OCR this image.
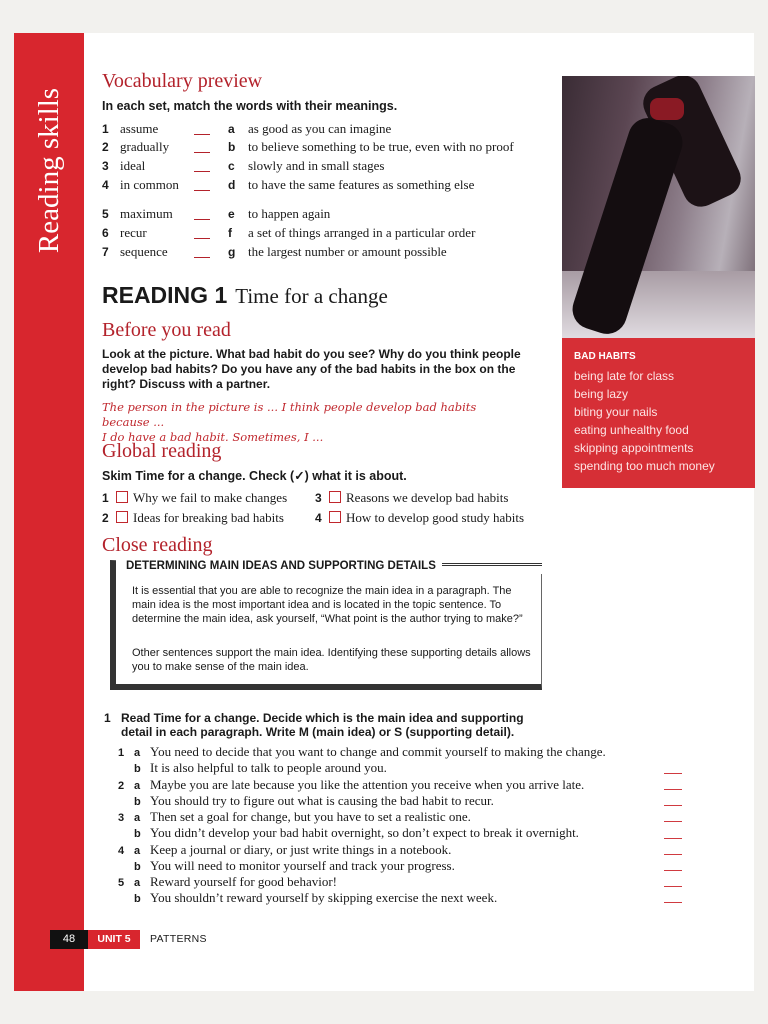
Reading skills
Vocabulary preview
In each set, match the words with their meanings.
1 assume	a as good as you can imagine
2 gradually	b to believe something to be true, even with no proof
3 ideal	c slowly and in small stages
4 in common	d to have the same features as something else
5 maximum	e to happen again
6 recur	f a set of things arranged in a particular order
7 sequence	g the largest number or amount possible
BAD HABITS
being late for class
being lazy
biting your nails
eating unhealthy food
skipping appointments
spending too much money
READING 1 Time for a change
Before you read
Look at the picture. What bad habit do you see? Why do you think people develop bad habits? Do you have any of the bad habits in the box on the right? Discuss with a partner.
The person in the picture is ... I think people develop bad habits because ...
I do have a bad habit. Sometimes, I ...
Global reading
Skim Time for a change. Check (✓) what it is about.
1 Why we fail to make changes
2 Ideas for breaking bad habits
3 Reasons we develop bad habits
4 How to develop good study habits
Close reading
DETERMINING MAIN IDEAS AND SUPPORTING DETAILS
It is essential that you are able to recognize the main idea in a paragraph. The main idea is the most important idea and is located in the topic sentence. To determine the main idea, ask yourself, “What point is the author trying to make?”
Other sentences support the main idea. Identifying these supporting details allows you to make sense of the main idea.
1 Read Time for a change. Decide which is the main idea and supporting
detail in each paragraph. Write M (main idea) or S (supporting detail).
1 a You need to decide that you want to change and commit yourself to making the change.
b It is also helpful to talk to people around you.
2 a Maybe you are late because you like the attention you receive when you arrive late.
b You should try to figure out what is causing the bad habit to recur.
3 a Then set a goal for change, but you have to set a realistic one.
b You didn’t develop your bad habit overnight, so don’t expect to break it overnight.
4 a Keep a journal or diary, or just write things in a notebook.
b You will need to monitor yourself and track your progress.
5 a Reward yourself for good behavior!
b You shouldn’t reward yourself by skipping exercise the next week.
48	UNIT 5	PATTERNS
